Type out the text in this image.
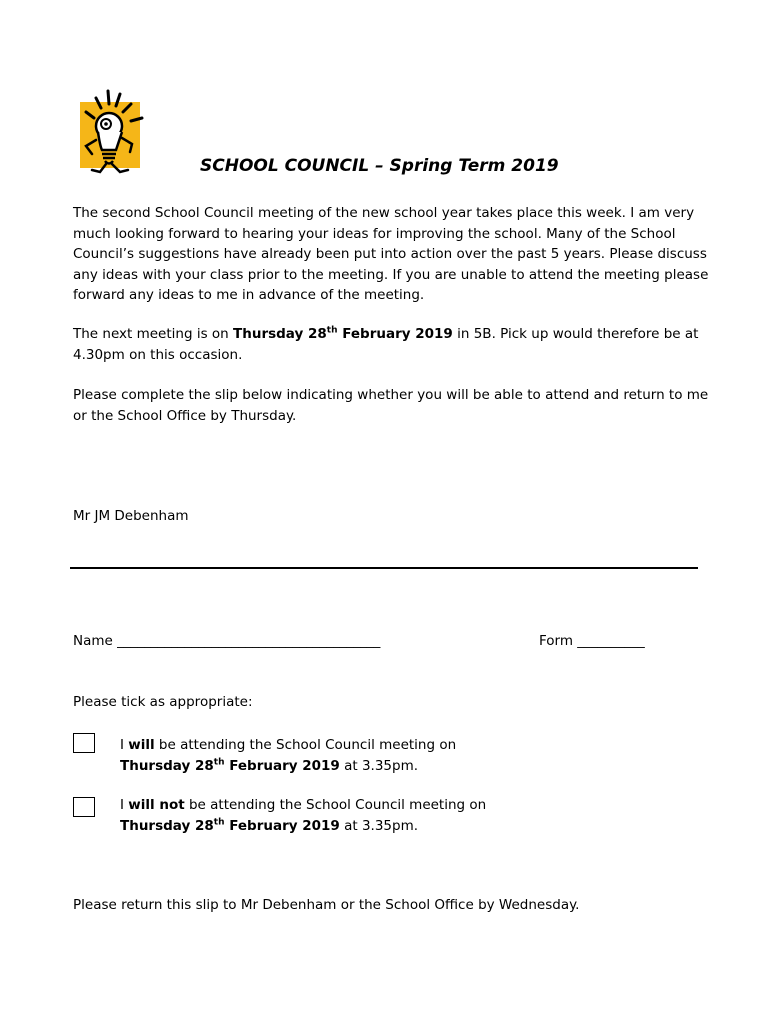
SCHOOL COUNCIL – Spring Term 2019
The second School Council meeting of the new school year takes place this week. I am very much looking forward to hearing your ideas for improving the school. Many of the School Council’s suggestions have already been put into action over the past 5 years. Please discuss any ideas with your class prior to the meeting. If you are unable to attend the meeting please forward any ideas to me in advance of the meeting.
The next meeting is on Thursday 28th February 2019 in 5B. Pick up would therefore be at 4.30pm on this occasion.
Please complete the slip below indicating whether you will be able to attend and return to me or the School Office by Thursday.
Mr JM Debenham
Name _______________________________________	Form __________
Please tick as appropriate:
I will be attending the School Council meeting on
Thursday 28th February 2019 at 3.35pm.
I will not be attending the School Council meeting on
Thursday 28th February 2019 at 3.35pm.
Please return this slip to Mr Debenham or the School Office by Wednesday.
